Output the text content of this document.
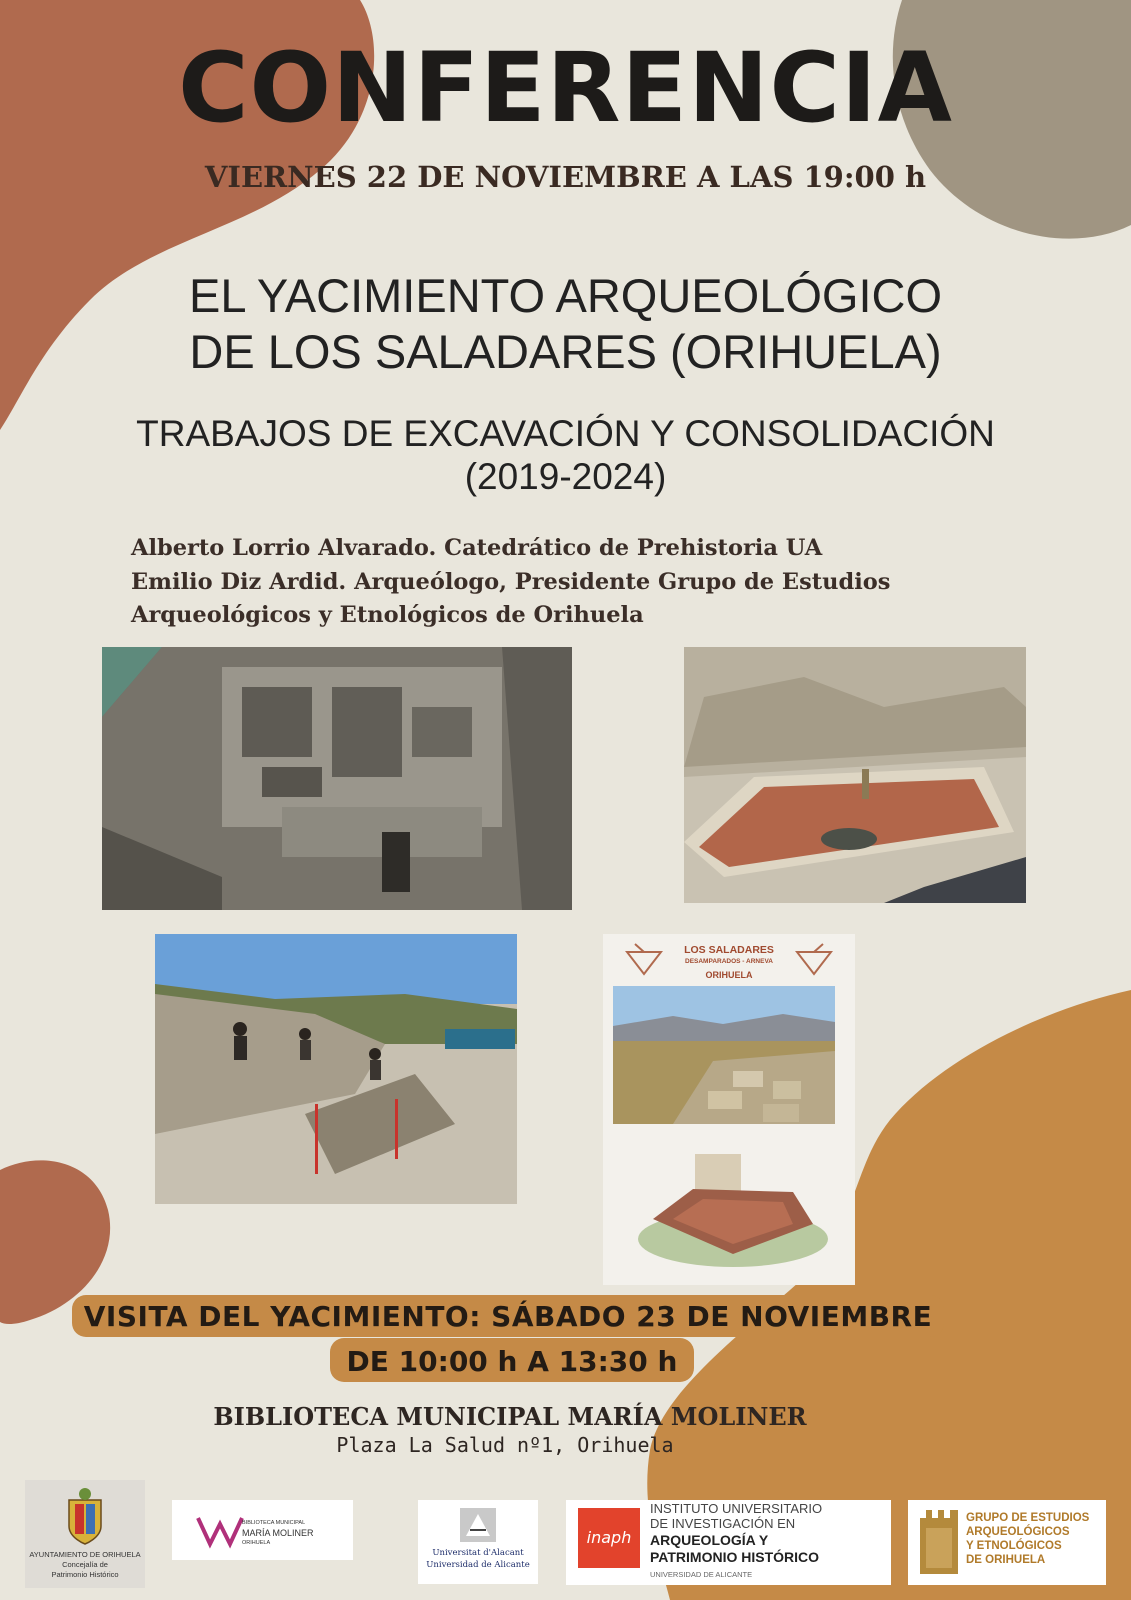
CONFERENCIA
VIERNES 22 DE NOVIEMBRE A LAS 19:00 h
EL YACIMIENTO ARQUEOLÓGICO
DE LOS SALADARES (ORIHUELA)
TRABAJOS DE EXCAVACIÓN Y CONSOLIDACIÓN
(2019-2024)
Alberto Lorrio Alvarado. Catedrático de Prehistoria UA
Emilio Diz Ardid. Arqueólogo, Presidente Grupo de Estudios
Arqueológicos y Etnológicos de Orihuela
LOS SALADARES
DESAMPARADOS - ARNEVA
ORIHUELA
VISITA DEL YACIMIENTO: SÁBADO 23 DE NOVIEMBRE
DE 10:00 h A 13:30 h
BIBLIOTECA MUNICIPAL MARÍA MOLINER
Plaza La Salud nº1, Orihuela
AYUNTAMIENTO DE ORIHUELA
Concejalía de
Patrimonio Histórico
BIBLIOTECA MUNICIPAL
MARÍA MOLINER
ORIHUELA
Universitat d'Alacant
Universidad de Alicante
inaph
INSTITUTO UNIVERSITARIO
DE INVESTIGACIÓN EN
ARQUEOLOGÍA Y
PATRIMONIO HISTÓRICO
UNIVERSIDAD DE ALICANTE
GRUPO DE ESTUDIOS
ARQUEOLÓGICOS
Y ETNOLÓGICOS
DE ORIHUELA
